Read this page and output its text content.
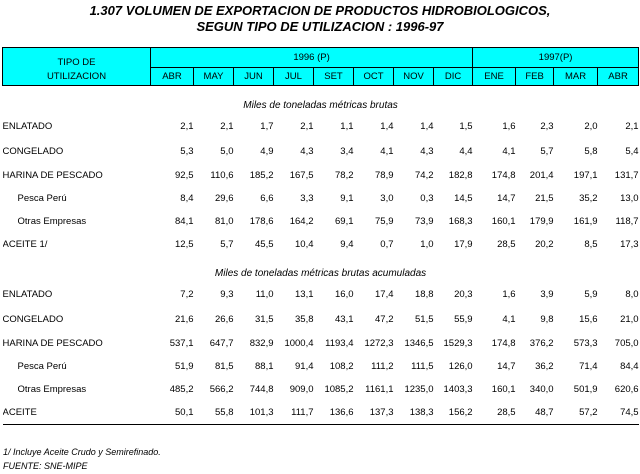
1.307 VOLUMEN DE EXPORTACION DE PRODUCTOS HIDROBIOLOGICOS,
SEGUN TIPO DE UTILIZACION : 1996-97
TIPO DE	1996 (P)								1997(P)			
UTILIZACION	ABR	MAY	JUN	JUL	SET	OCT	NOV	DIC	ENE	FEB	MAR	ABR

Miles de toneladas métricas brutas												
ENLATADO	2,1	2,1	1,7	2,1	1,1	1,4	1,4	1,5	1,6	2,3	2,0	2,1
CONGELADO	5,3	5,0	4,9	4,3	3,4	4,1	4,3	4,4	4,1	5,7	5,8	5,4
HARINA DE PESCADO	92,5	110,6	185,2	167,5	78,2	78,9	74,2	182,8	174,8	201,4	197,1	131,7
Pesca Perú	8,4	29,6	6,6	3,3	9,1	3,0	0,3	14,5	14,7	21,5	35,2	13,0
Otras Empresas	84,1	81,0	178,6	164,2	69,1	75,9	73,9	168,3	160,1	179,9	161,9	118,7
ACEITE 1/	12,5	5,7	45,5	10,4	9,4	0,7	1,0	17,9	28,5	20,2	8,5	17,3

Miles de toneladas métricas brutas acumuladas												
ENLATADO	7,2	9,3	11,0	13,1	16,0	17,4	18,8	20,3	1,6	3,9	5,9	8,0
CONGELADO	21,6	26,6	31,5	35,8	43,1	47,2	51,5	55,9	4,1	9,8	15,6	21,0
HARINA DE PESCADO	537,1	647,7	832,9	1000,4	1193,4	1272,3	1346,5	1529,3	174,8	376,2	573,3	705,0
Pesca Perú	51,9	81,5	88,1	91,4	108,2	111,2	111,5	126,0	14,7	36,2	71,4	84,4
Otras Empresas	485,2	566,2	744,8	909,0	1085,2	1161,1	1235,0	1403,3	160,1	340,0	501,9	620,6
ACEITE	50,1	55,8	101,3	111,7	136,6	137,3	138,3	156,2	28,5	48,7	57,2	74,5
1/ Incluye Aceite Crudo y Semirefinado.
FUENTE: SNE-MIPE
